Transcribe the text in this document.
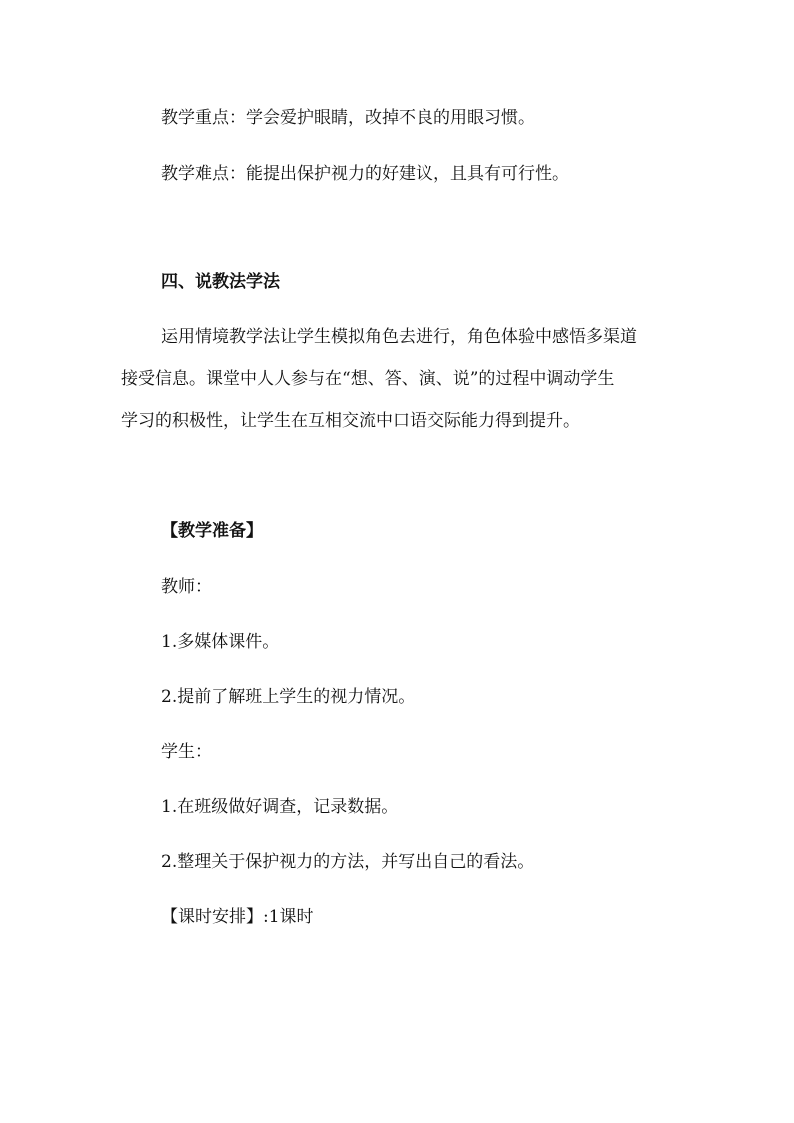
教学重点：学会爱护眼睛，改掉不良的用眼习惯。
教学难点：能提出保护视力的好建议，且具有可行性。
四、说教法学法
运用情境教学法让学生模拟角色去进行，角色体验中感悟多渠道
接受信息。课堂中人人参与在“想、答、演、说”的过程中调动学生
学习的积极性，让学生在互相交流中口语交际能力得到提升。
【教学准备】
教师：
1.多媒体课件。
2.提前了解班上学生的视力情况。
学生：
1.在班级做好调查，记录数据。
2.整理关于保护视力的方法，并写出自己的看法。
【课时安排】:1课时
